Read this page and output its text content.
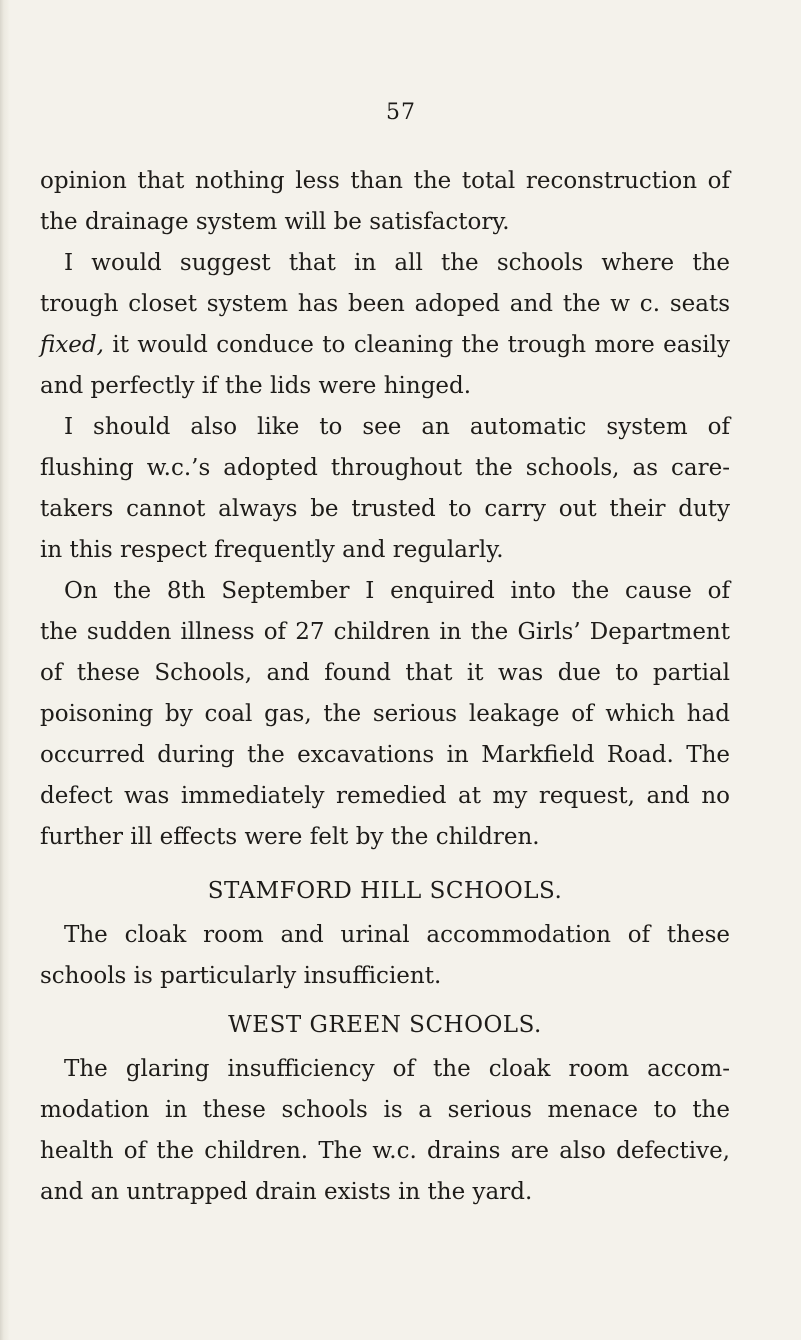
57
opinion that nothing less than the total reconstruction of
the drainage system will be satisfactory.
I would suggest that in all the schools where the
trough closet system has been adoped and the w c. seats
fixed, it would conduce to cleaning the trough more easily
and perfectly if the lids were hinged.
I should also like to see an automatic system of
flushing w.c.’s adopted throughout the schools, as care-
takers cannot always be trusted to carry out their duty
in this respect frequently and regularly.
On the 8th September I enquired into the cause of
the sudden illness of 27 children in the Girls’ Department
of these Schools, and found that it was due to partial
poisoning by coal gas, the serious leakage of which had
occurred during the excavations in Markfield Road. The
defect was immediately remedied at my request, and no
further ill effects were felt by the children.
STAMFORD HILL SCHOOLS.
The cloak room and urinal accommodation of these
schools is particularly insufficient.
WEST GREEN SCHOOLS.
The glaring insufficiency of the cloak room accom-
modation in these schools is a serious menace to the
health of the children. The w.c. drains are also defective,
and an untrapped drain exists in the yard.
